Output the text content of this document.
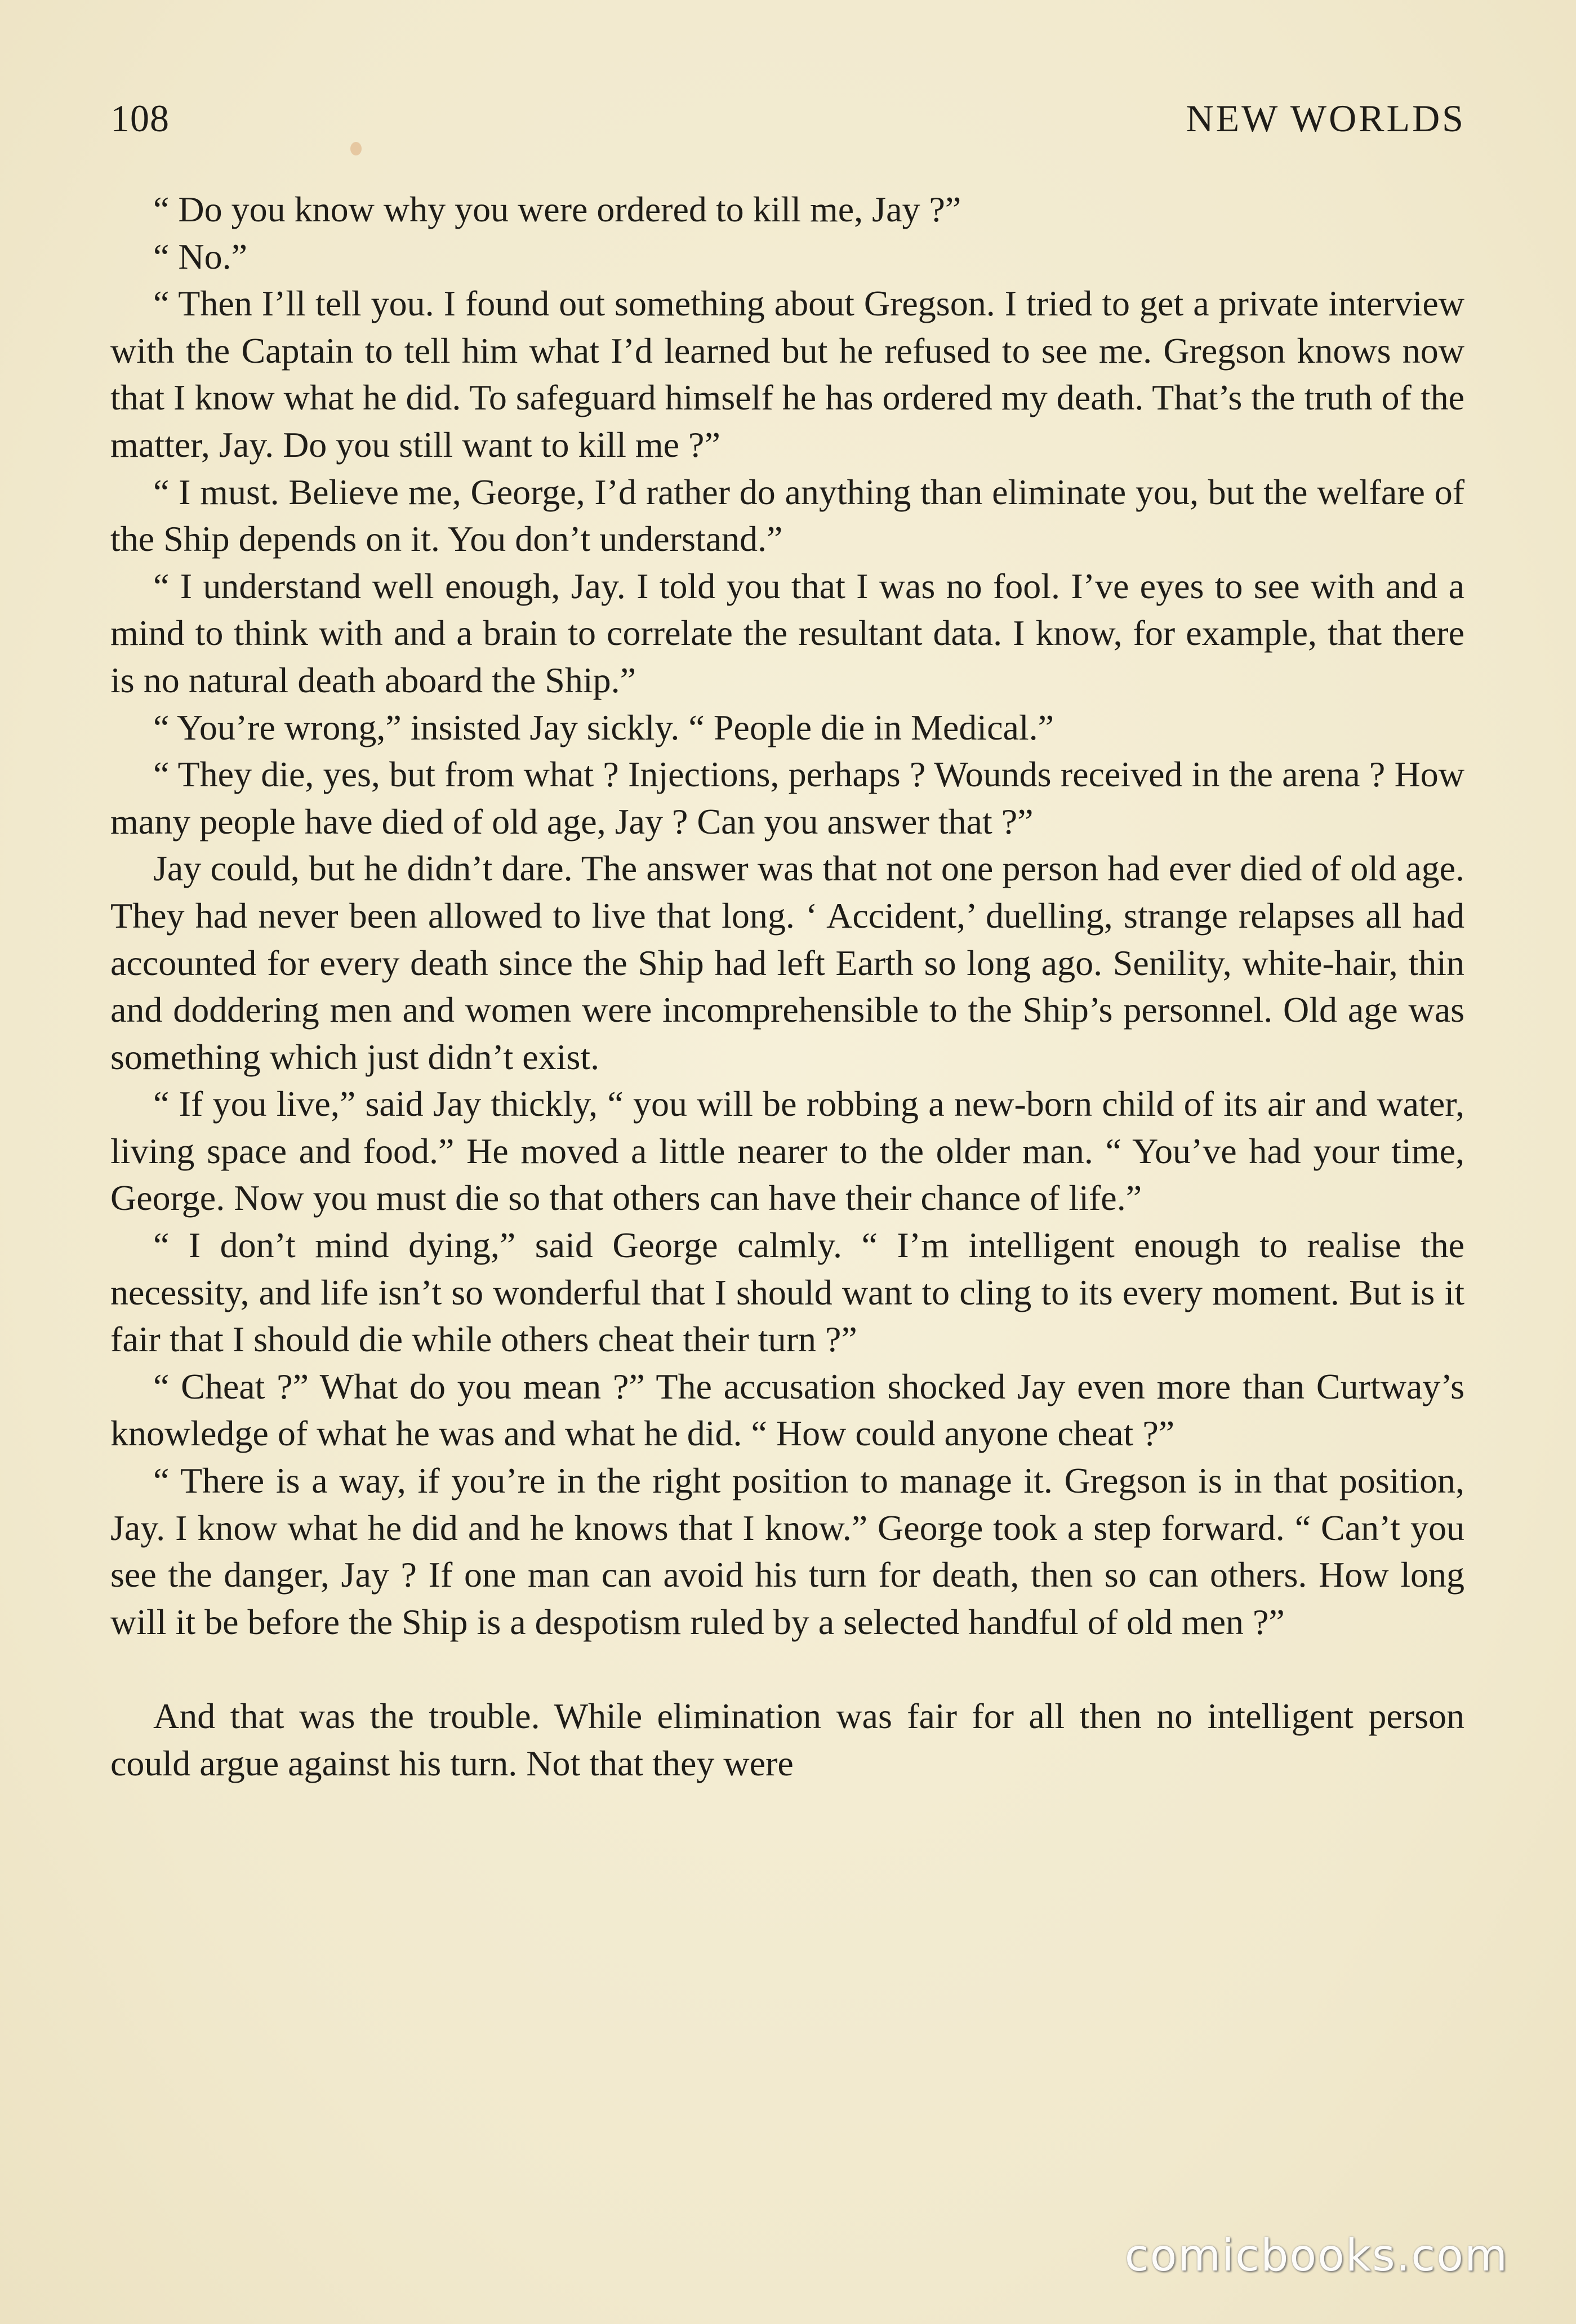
108	NEW WORLDS

“ Do you know why you were ordered to kill me, Jay ?”

“ No.”

“ Then I’ll tell you. I found out something about Gregson. I tried to get a private interview with the Captain to tell him what I’d learned but he refused to see me. Gregson knows now that I know what he did. To safeguard himself he has ordered my death. That’s the truth of the matter, Jay. Do you still want to kill me ?”

“ I must. Believe me, George, I’d rather do anything than eliminate you, but the welfare of the Ship depends on it. You don’t understand.”

“ I understand well enough, Jay. I told you that I was no fool. I’ve eyes to see with and a mind to think with and a brain to correlate the resultant data. I know, for example, that there is no natural death aboard the Ship.”

“ You’re wrong,” insisted Jay sickly. “ People die in Medical.”

“ They die, yes, but from what ? Injections, perhaps ? Wounds received in the arena ? How many people have died of old age, Jay ? Can you answer that ?”

Jay could, but he didn’t dare. The answer was that not one person had ever died of old age. They had never been allowed to live that long. ‘ Accident,’ duelling, strange relapses all had accounted for every death since the Ship had left Earth so long ago. Senility, white-hair, thin and doddering men and women were incomprehensible to the Ship’s personnel. Old age was something which just didn’t exist.

“ If you live,” said Jay thickly, “ you will be robbing a new-born child of its air and water, living space and food.” He moved a little nearer to the older man. “ You’ve had your time, George. Now you must die so that others can have their chance of life.”

“ I don’t mind dying,” said George calmly. “ I’m intelligent enough to realise the necessity, and life isn’t so wonderful that I should want to cling to its every moment. But is it fair that I should die while others cheat their turn ?”

“ Cheat ?” What do you mean ?” The accusation shocked Jay even more than Curtway’s knowledge of what he was and what he did. “ How could anyone cheat ?”

“ There is a way, if you’re in the right position to manage it. Gregson is in that position, Jay. I know what he did and he knows that I know.” George took a step forward. “ Can’t you see the danger, Jay ? If one man can avoid his turn for death, then so can others. How long will it be before the Ship is a despotism ruled by a selected handful of old men ?”

And that was the trouble. While elimination was fair for all then no intelligent person could argue against his turn. Not that they were

comicbooks.com
